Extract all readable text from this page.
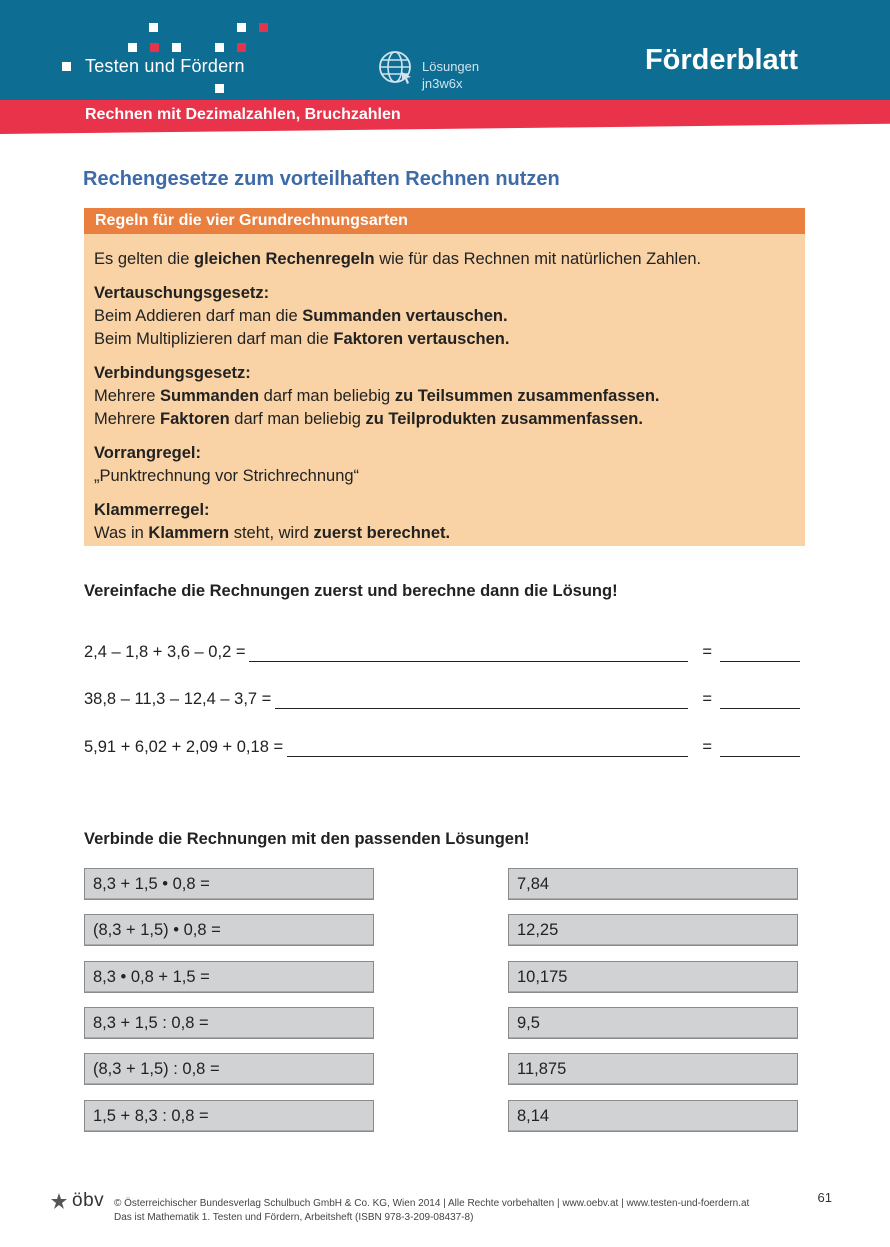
Testen und Fördern	Lösungen
jn3w6x
Förderblatt
Rechnen mit Dezimalzahlen, Bruchzahlen
Rechengesetze zum vorteilhaften Rechnen nutzen
Regeln für die vier Grundrechnungsarten

Es gelten die gleichen Rechenregeln wie für das Rechnen mit natürlichen Zahlen.

Vertauschungsgesetz:

Beim Addieren darf man die Summanden vertauschen.

Beim Multiplizieren darf man die Faktoren vertauschen.

Verbindungsgesetz:

Mehrere Summanden darf man beliebig zu Teilsummen zusammenfassen.

Mehrere Faktoren darf man beliebig zu Teilprodukten zusammenfassen.

Vorrangregel:

„Punktrechnung vor Strichrechnung“

Klammerregel:

Was in Klammern steht, wird zuerst berechnet.

Vereinfache die Rechnungen zuerst und berechne dann die Lösung!
2,4 – 1,8 + 3,6 – 0,2 =	=
38,8 – 11,3 – 12,4 – 3,7 =	=
5,91 + 6,02 + 2,09 + 0,18 =	=
Verbinde die Rechnungen mit den passenden Lösungen!
8,3 + 1,5 • 0,8 =
(8,3 + 1,5) • 0,8 =
8,3 • 0,8 + 1,5 =
8,3 + 1,5 : 0,8 =
(8,3 + 1,5) : 0,8 =
1,5 + 8,3 : 0,8 =
7,84
12,25
10,175
9,5
11,875
8,14
öbv © Österreichischer Bundesverlag Schulbuch GmbH & Co. KG, Wien 2014 | Alle Rechte vorbehalten | www.oebv.at | www.testen-und-foerdern.at
Das ist Mathematik 1. Testen und Fördern, Arbeitsheft (ISBN 978-3-209-08437-8)
61
